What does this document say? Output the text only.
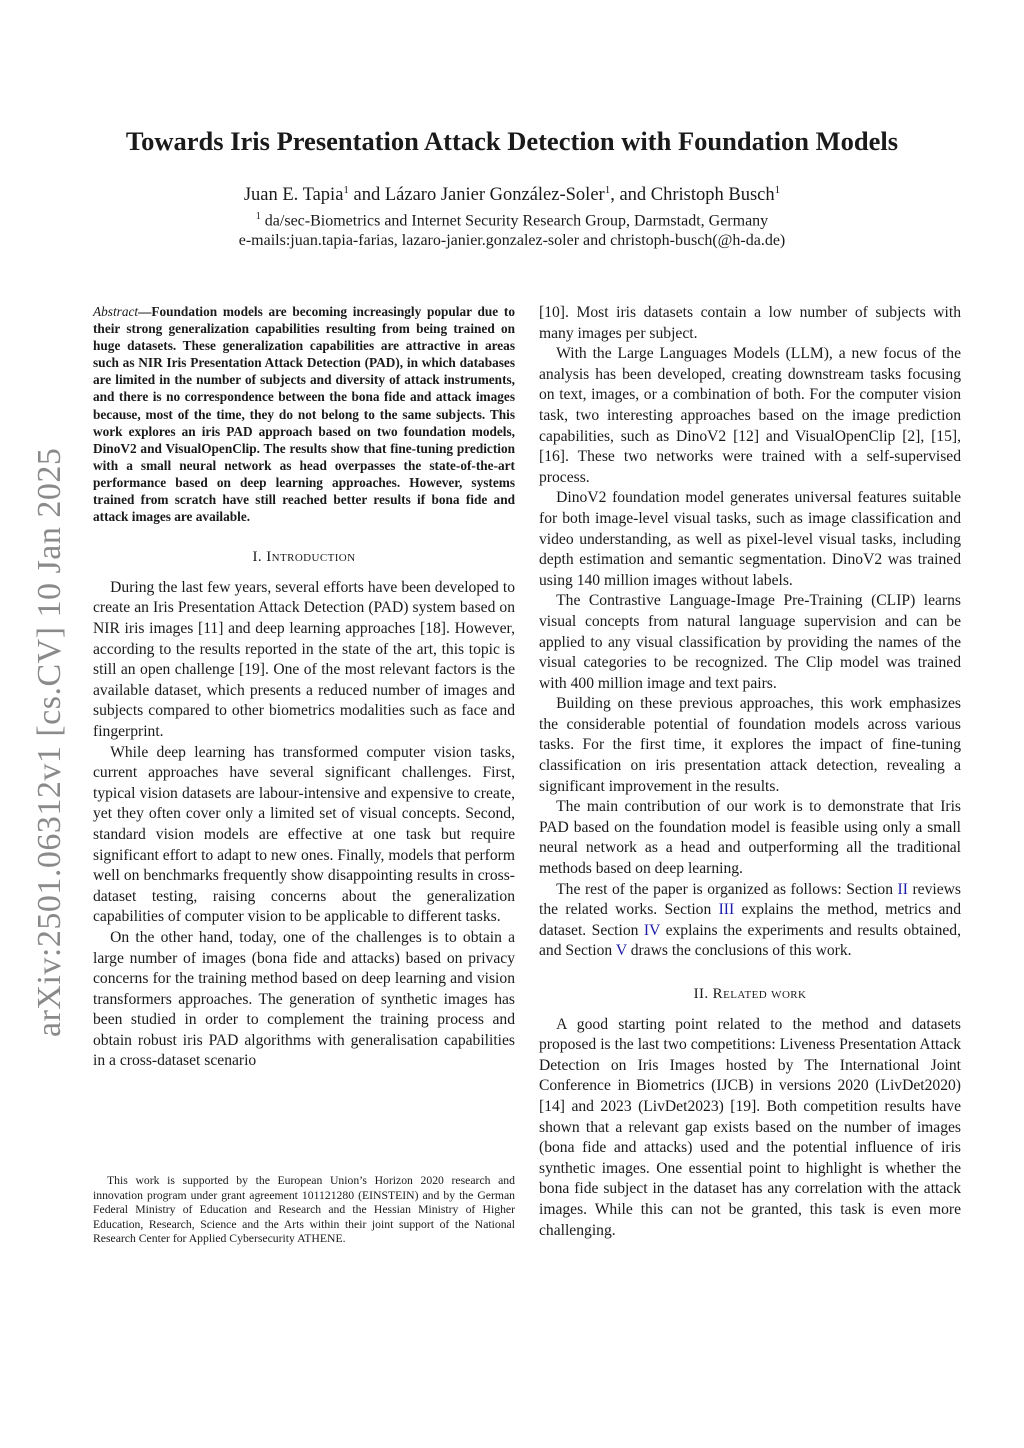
arXiv:2501.06312v1 [cs.CV] 10 Jan 2025
Towards Iris Presentation Attack Detection with Foundation Models
Juan E. Tapia$^1$ and Lázaro Janier González-Soler$^1$, and Christoph Busch$^1$
$^1$ da/sec-Biometrics and Internet Security Research Group, Darmstadt, Germany
e-mails:juan.tapia-farias, lazaro-janier.gonzalez-soler and christoph-busch(@h-da.de)

Abstract—Foundation models are becoming increasingly popular due to their strong generalization capabilities resulting from being trained on huge datasets. These generalization capabilities are attractive in areas such as NIR Iris Presentation Attack Detection (PAD), in which databases are limited in the number of subjects and diversity of attack instruments, and there is no correspondence between the bona fide and attack images because, most of the time, they do not belong to the same subjects. This work explores an iris PAD approach based on two foundation models, DinoV2 and VisualOpenClip. The results show that fine-tuning prediction with a small neural network as head overpasses the state-of-the-art performance based on deep learning approaches. However, systems trained from scratch have still reached better results if bona fide and attack images are available.

I. Introduction

During the last few years, several efforts have been developed to create an Iris Presentation Attack Detection (PAD) system based on NIR iris images [11] and deep learning approaches [18]. However, according to the results reported in the state of the art, this topic is still an open challenge [19]. One of the most relevant factors is the available dataset, which presents a reduced number of images and subjects compared to other biometrics modalities such as face and fingerprint.

While deep learning has transformed computer vision tasks, current approaches have several significant challenges. First, typical vision datasets are labour-intensive and expensive to create, yet they often cover only a limited set of visual concepts. Second, standard vision models are effective at one task but require significant effort to adapt to new ones. Finally, models that perform well on benchmarks frequently show disappointing results in cross-dataset testing, raising concerns about the generalization capabilities of computer vision to be applicable to different tasks.

On the other hand, today, one of the challenges is to obtain a large number of images (bona fide and attacks) based on privacy concerns for the training method based on deep learning and vision transformers approaches. The generation of synthetic images has been studied in order to complement the training process and obtain robust iris PAD algorithms with generalisation capabilities in a cross-dataset scenario

This work is supported by the European Union’s Horizon 2020 research and innovation program under grant agreement 101121280 (EINSTEIN) and by the German Federal Ministry of Education and Research and the Hessian Ministry of Higher Education, Research, Science and the Arts within their joint support of the National Research Center for Applied Cybersecurity ATHENE.

[10]. Most iris datasets contain a low number of subjects with many images per subject.

With the Large Languages Models (LLM), a new focus of the analysis has been developed, creating downstream tasks focusing on text, images, or a combination of both. For the computer vision task, two interesting approaches based on the image prediction capabilities, such as DinoV2 [12] and VisualOpenClip [2], [15], [16]. These two networks were trained with a self-supervised process.

DinoV2 foundation model generates universal features suitable for both image-level visual tasks, such as image classification and video understanding, as well as pixel-level visual tasks, including depth estimation and semantic segmentation. DinoV2 was trained using 140 million images without labels.

The Contrastive Language-Image Pre-Training (CLIP) learns visual concepts from natural language supervision and can be applied to any visual classification by providing the names of the visual categories to be recognized. The Clip model was trained with 400 million image and text pairs.

Building on these previous approaches, this work emphasizes the considerable potential of foundation models across various tasks. For the first time, it explores the impact of fine-tuning classification on iris presentation attack detection, revealing a significant improvement in the results.

The main contribution of our work is to demonstrate that Iris PAD based on the foundation model is feasible using only a small neural network as a head and outperforming all the traditional methods based on deep learning.

The rest of the paper is organized as follows: Section II reviews the related works. Section III explains the method, metrics and dataset. Section IV explains the experiments and results obtained, and Section V draws the conclusions of this work.

II. Related work

A good starting point related to the method and datasets proposed is the last two competitions: Liveness Presentation Attack Detection on Iris Images hosted by The International Joint Conference in Biometrics (IJCB) in versions 2020 (LivDet2020)[14] and 2023 (LivDet2023) [19]. Both competition results have shown that a relevant gap exists based on the number of images (bona fide and attacks) used and the potential influence of iris synthetic images. One essential point to highlight is whether the bona fide subject in the dataset has any correlation with the attack images. While this can not be granted, this task is even more challenging.
